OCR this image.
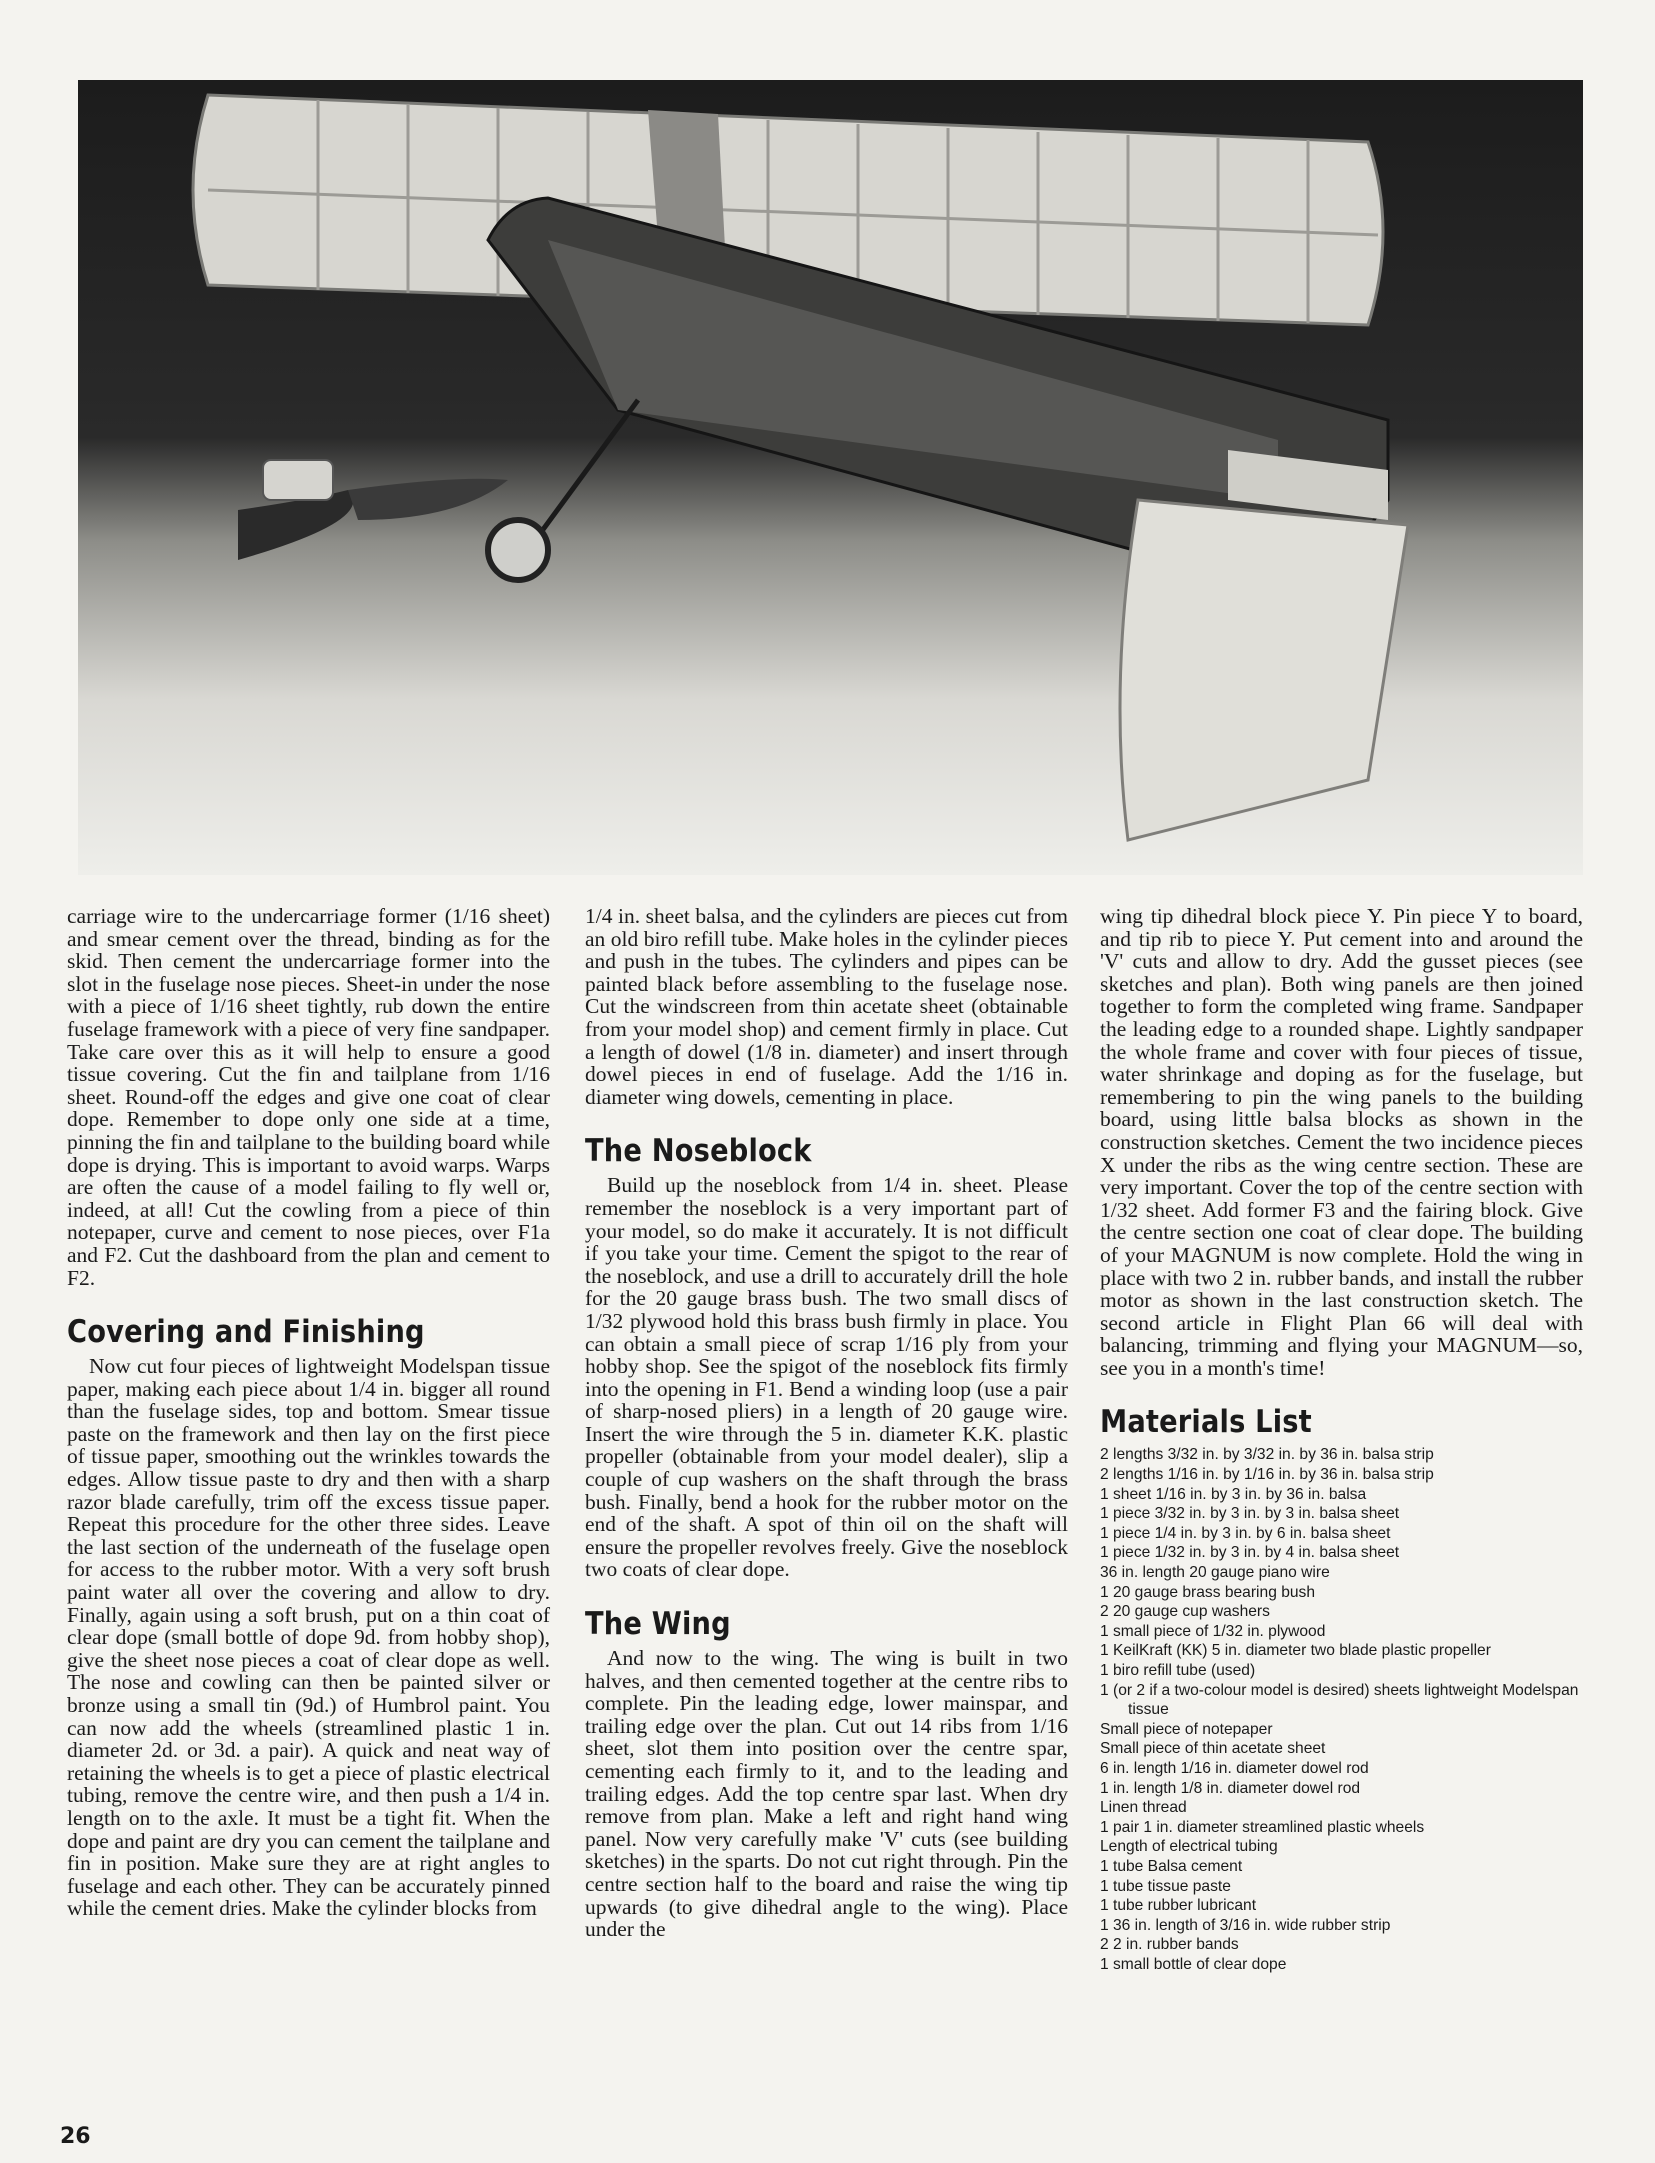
carriage wire to the undercarriage former (1/16 sheet) and smear cement over the thread, binding as for the skid. Then cement the undercarriage former into the slot in the fuselage nose pieces. Sheet-in under the nose with a piece of 1/16 sheet tightly, rub down the entire fuselage framework with a piece of very fine sandpaper. Take care over this as it will help to ensure a good tissue covering. Cut the fin and tailplane from 1/16 sheet. Round-off the edges and give one coat of clear dope. Remember to dope only one side at a time, pinning the fin and tailplane to the building board while dope is drying. This is important to avoid warps. Warps are often the cause of a model failing to fly well or, indeed, at all! Cut the cowling from a piece of thin notepaper, curve and cement to nose pieces, over F1a and F2. Cut the dashboard from the plan and cement to F2.

Covering and Finishing

Now cut four pieces of lightweight Modelspan tissue paper, making each piece about 1/4 in. bigger all round than the fuselage sides, top and bottom. Smear tissue paste on the framework and then lay on the first piece of tissue paper, smoothing out the wrinkles towards the edges. Allow tissue paste to dry and then with a sharp razor blade carefully, trim off the excess tissue paper. Repeat this procedure for the other three sides. Leave the last section of the underneath of the fuselage open for access to the rubber motor. With a very soft brush paint water all over the covering and allow to dry. Finally, again using a soft brush, put on a thin coat of clear dope (small bottle of dope 9d. from hobby shop), give the sheet nose pieces a coat of clear dope as well. The nose and cowling can then be painted silver or bronze using a small tin (9d.) of Humbrol paint. You can now add the wheels (streamlined plastic 1 in. diameter 2d. or 3d. a pair). A quick and neat way of retaining the wheels is to get a piece of plastic electrical tubing, remove the centre wire, and then push a 1/4 in. length on to the axle. It must be a tight fit. When the dope and paint are dry you can cement the tailplane and fin in position. Make sure they are at right angles to fuselage and each other. They can be accurately pinned while the cement dries. Make the cylinder blocks from

1/4 in. sheet balsa, and the cylinders are pieces cut from an old biro refill tube. Make holes in the cylinder pieces and push in the tubes. The cylinders and pipes can be painted black before assembling to the fuselage nose. Cut the windscreen from thin acetate sheet (obtainable from your model shop) and cement firmly in place. Cut a length of dowel (1/8 in. diameter) and insert through dowel pieces in end of fuselage. Add the 1/16 in. diameter wing dowels, cementing in place.

The Noseblock

Build up the noseblock from 1/4 in. sheet. Please remember the noseblock is a very important part of your model, so do make it accurately. It is not difficult if you take your time. Cement the spigot to the rear of the noseblock, and use a drill to accurately drill the hole for the 20 gauge brass bush. The two small discs of 1/32 plywood hold this brass bush firmly in place. You can obtain a small piece of scrap 1/16 ply from your hobby shop. See the spigot of the noseblock fits firmly into the opening in F1. Bend a winding loop (use a pair of sharp-nosed pliers) in a length of 20 gauge wire. Insert the wire through the 5 in. diameter K.K. plastic propeller (obtainable from your model dealer), slip a couple of cup washers on the shaft through the brass bush. Finally, bend a hook for the rubber motor on the end of the shaft. A spot of thin oil on the shaft will ensure the propeller revolves freely. Give the noseblock two coats of clear dope.

The Wing

And now to the wing. The wing is built in two halves, and then cemented together at the centre ribs to complete. Pin the leading edge, lower mainspar, and trailing edge over the plan. Cut out 14 ribs from 1/16 sheet, slot them into position over the centre spar, cementing each firmly to it, and to the leading and trailing edges. Add the top centre spar last. When dry remove from plan. Make a left and right hand wing panel. Now very carefully make 'V' cuts (see building sketches) in the sparts. Do not cut right through. Pin the centre section half to the board and raise the wing tip upwards (to give dihedral angle to the wing). Place under the

wing tip dihedral block piece Y. Pin piece Y to board, and tip rib to piece Y. Put cement into and around the 'V' cuts and allow to dry. Add the gusset pieces (see sketches and plan). Both wing panels are then joined together to form the completed wing frame. Sandpaper the leading edge to a rounded shape. Lightly sandpaper the whole frame and cover with four pieces of tissue, water shrinkage and doping as for the fuselage, but remembering to pin the wing panels to the building board, using little balsa blocks as shown in the construction sketches. Cement the two incidence pieces X under the ribs as the wing centre section. These are very important. Cover the top of the centre section with 1/32 sheet. Add former F3 and the fairing block. Give the centre section one coat of clear dope. The building of your MAGNUM is now complete. Hold the wing in place with two 2 in. rubber bands, and install the rubber motor as shown in the last construction sketch. The second article in Flight Plan 66 will deal with balancing, trimming and flying your MAGNUM—so, see you in a month's time!

Materials List
2 lengths 3/32 in. by 3/32 in. by 36 in. balsa strip
2 lengths 1/16 in. by 1/16 in. by 36 in. balsa strip
1 sheet 1/16 in. by 3 in. by 36 in. balsa
1 piece 3/32 in. by 3 in. by 3 in. balsa sheet
1 piece 1/4 in. by 3 in. by 6 in. balsa sheet
1 piece 1/32 in. by 3 in. by 4 in. balsa sheet
36 in. length 20 gauge piano wire
1 20 gauge brass bearing bush
2 20 gauge cup washers
1 small piece of 1/32 in. plywood
1 KeilKraft (KK) 5 in. diameter two blade plastic propeller
1 biro refill tube (used)
1 (or 2 if a two-colour model is desired) sheets lightweight Modelspan tissue
Small piece of notepaper
Small piece of thin acetate sheet
6 in. length 1/16 in. diameter dowel rod
1 in. length 1/8 in. diameter dowel rod
Linen thread
1 pair 1 in. diameter streamlined plastic wheels
Length of electrical tubing
1 tube Balsa cement
1 tube tissue paste
1 tube rubber lubricant
1 36 in. length of 3/16 in. wide rubber strip
2 2 in. rubber bands
1 small bottle of clear dope
26
